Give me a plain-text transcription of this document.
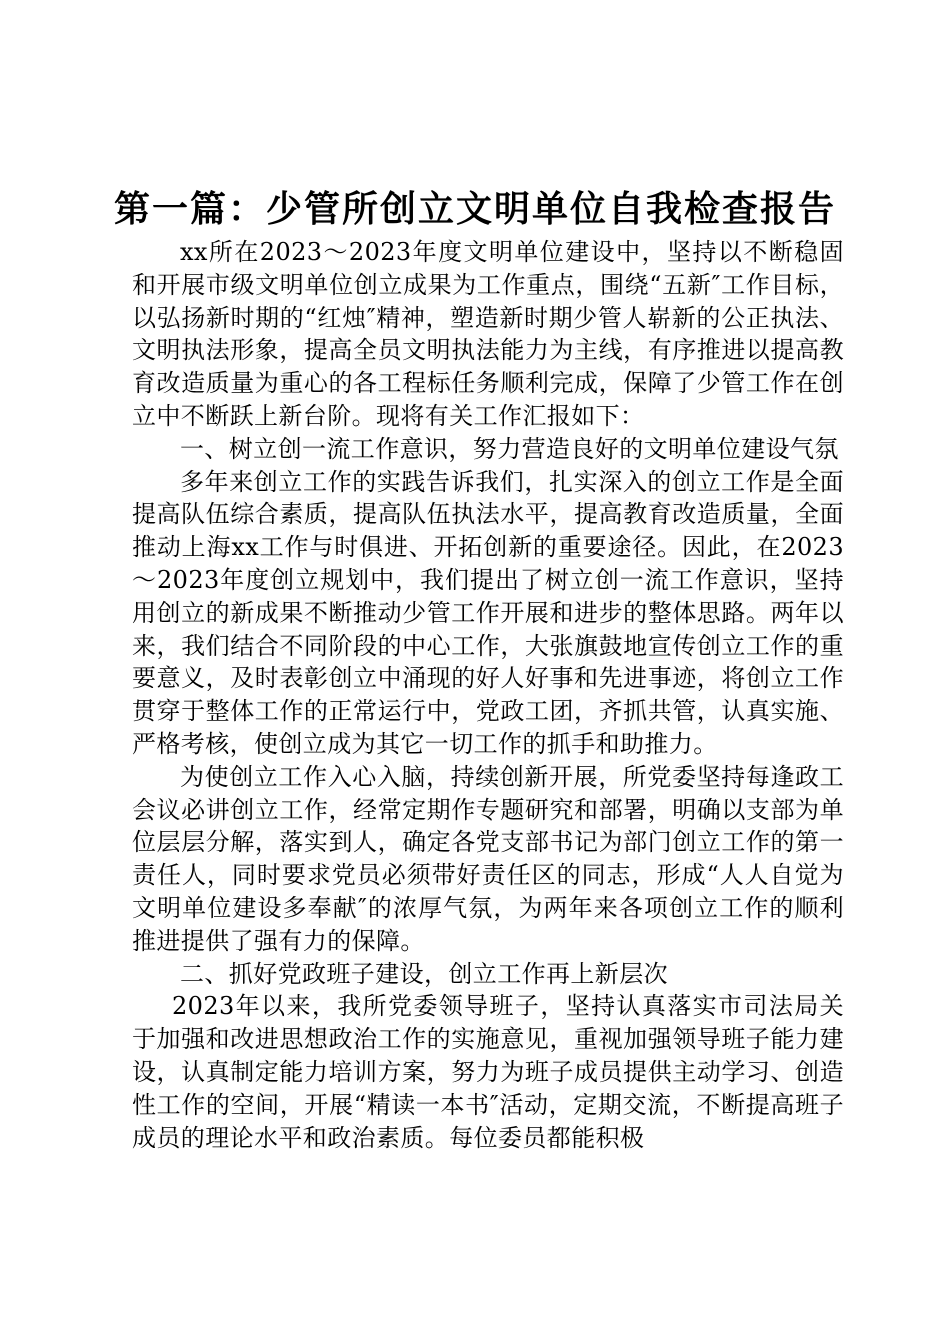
第一篇：少管所创立文明单位自我检查报告

xx所在2023～2023年度文明单位建设中，坚持以不断稳固和开展市级文明单位创立成果为工作重点，围绕“五新″工作目标，以弘扬新时期的“红烛″精神，塑造新时期少管人崭新的公正执法、文明执法形象，提高全员文明执法能力为主线，有序推进以提高教育改造质量为重心的各工程标任务顺利完成，保障了少管工作在创立中不断跃上新台阶。现将有关工作汇报如下：

一、树立创一流工作意识，努力营造良好的文明单位建设气氛

多年来创立工作的实践告诉我们，扎实深入的创立工作是全面提高队伍综合素质，提高队伍执法水平，提高教育改造质量，全面推动上海xx工作与时俱进、开拓创新的重要途径。因此，在2023～2023年度创立规划中，我们提出了树立创一流工作意识，坚持用创立的新成果不断推动少管工作开展和进步的整体思路。两年以来，我们结合不同阶段的中心工作，大张旗鼓地宣传创立工作的重要意义，及时表彰创立中涌现的好人好事和先进事迹，将创立工作贯穿于整体工作的正常运行中，党政工团，齐抓共管，认真实施、严格考核，使创立成为其它一切工作的抓手和助推力。

为使创立工作入心入脑，持续创新开展，所党委坚持每逢政工会议必讲创立工作，经常定期作专题研究和部署，明确以支部为单位层层分解，落实到人，确定各党支部书记为部门创立工作的第一责任人，同时要求党员必须带好责任区的同志，形成“人人自觉为文明单位建设多奉献″的浓厚气氛，为两年来各项创立工作的顺利推进提供了强有力的保障。

二、抓好党政班子建设，创立工作再上新层次

2023年以来，我所党委领导班子，坚持认真落实市司法局关于加强和改进思想政治工作的实施意见，重视加强领导班子能力建设，认真制定能力培训方案，努力为班子成员提供主动学习、创造性工作的空间，开展“精读一本书″活动，定期交流，不断提高班子成员的理论水平和政治素质。每位委员都能积极
